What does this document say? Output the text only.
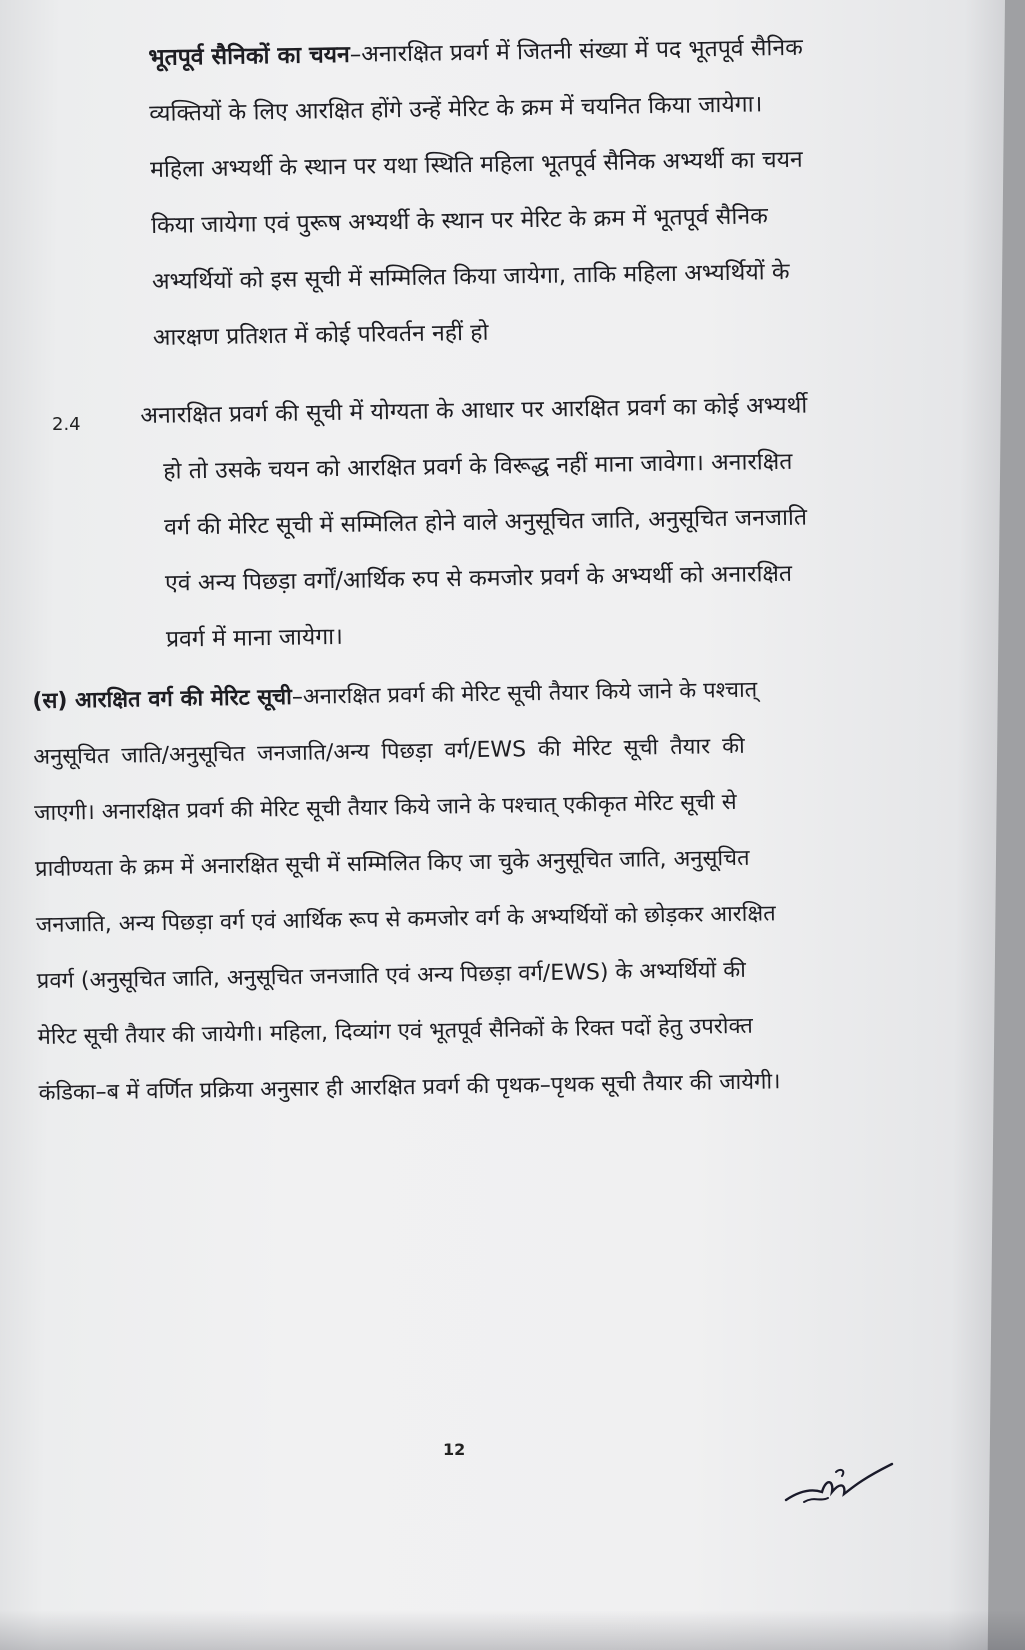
भूतपूर्व सैनिकों का चयन–अनारक्षित प्रवर्ग में जितनी संख्या में पद भूतपूर्व सैनिक
व्यक्तियों के लिए आरक्षित होंगे उन्हें मेरिट के क्रम में चयनित किया जायेगा।
महिला अभ्यर्थी के स्थान पर यथा स्थिति महिला भूतपूर्व सैनिक अभ्यर्थी का चयन
किया जायेगा एवं पुरूष अभ्यर्थी के स्थान पर मेरिट के क्रम में भूतपूर्व सैनिक
अभ्यर्थियों को इस सूची में सम्मिलित किया जायेगा, ताकि महिला अभ्यर्थियों के
आरक्षण प्रतिशत में कोई परिवर्तन नहीं हो
2.4	अनारक्षित प्रवर्ग की सूची में योग्यता के आधार पर आरक्षित प्रवर्ग का कोई अभ्यर्थी
हो तो उसके चयन को आरक्षित प्रवर्ग के विरूद्ध नहीं माना जावेगा। अनारक्षित
वर्ग की मेरिट सूची में सम्मिलित होने वाले अनुसूचित जाति, अनुसूचित जनजाति
एवं अन्य पिछड़ा वर्गों/आर्थिक रुप से कमजोर प्रवर्ग के अभ्यर्थी को अनारक्षित
प्रवर्ग में माना जायेगा।
(स) आरक्षित वर्ग की मेरिट सूची–अनारक्षित प्रवर्ग की मेरिट सूची तैयार किये जाने के पश्चात्
अनुसूचित जाति/अनुसूचित जनजाति/अन्य पिछड़ा वर्ग/EWS की मेरिट सूची तैयार की
जाएगी। अनारक्षित प्रवर्ग की मेरिट सूची तैयार किये जाने के पश्चात् एकीकृत मेरिट सूची से
प्रावीण्यता के क्रम में अनारक्षित सूची में सम्मिलित किए जा चुके अनुसूचित जाति, अनुसूचित
जनजाति, अन्य पिछड़ा वर्ग एवं आर्थिक रूप से कमजोर वर्ग के अभ्यर्थियों को छोड़कर आरक्षित
प्रवर्ग (अनुसूचित जाति, अनुसूचित जनजाति एवं अन्य पिछड़ा वर्ग/EWS) के अभ्यर्थियों की
मेरिट सूची तैयार की जायेगी। महिला, दिव्यांग एवं भूतपूर्व सैनिकों के रिक्त पदों हेतु उपरोक्त
कंडिका–ब में वर्णित प्रक्रिया अनुसार ही आरक्षित प्रवर्ग की पृथक–पृथक सूची तैयार की जायेगी।
12
